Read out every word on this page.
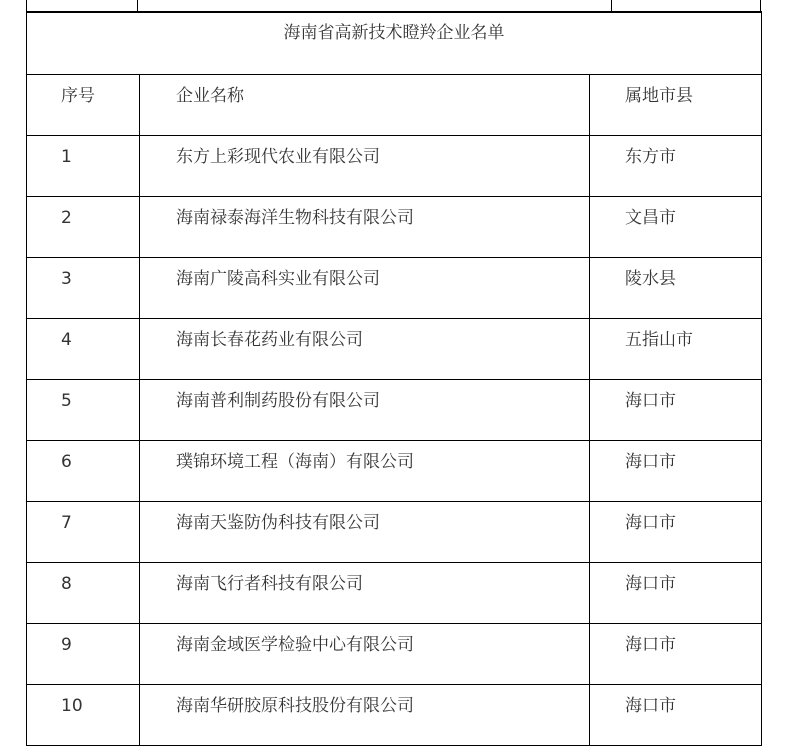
海南省高新技术瞪羚企业名单		
序号	企业名称	属地市县
1	东方上彩现代农业有限公司	东方市
2	海南禄泰海洋生物科技有限公司	文昌市
3	海南广陵高科实业有限公司	陵水县
4	海南长春花药业有限公司	五指山市
5	海南普利制药股份有限公司	海口市
6	璞锦环境工程（海南）有限公司	海口市
7	海南天鉴防伪科技有限公司	海口市
8	海南飞行者科技有限公司	海口市
9	海南金域医学检验中心有限公司	海口市
10	海南华研胶原科技股份有限公司	海口市
